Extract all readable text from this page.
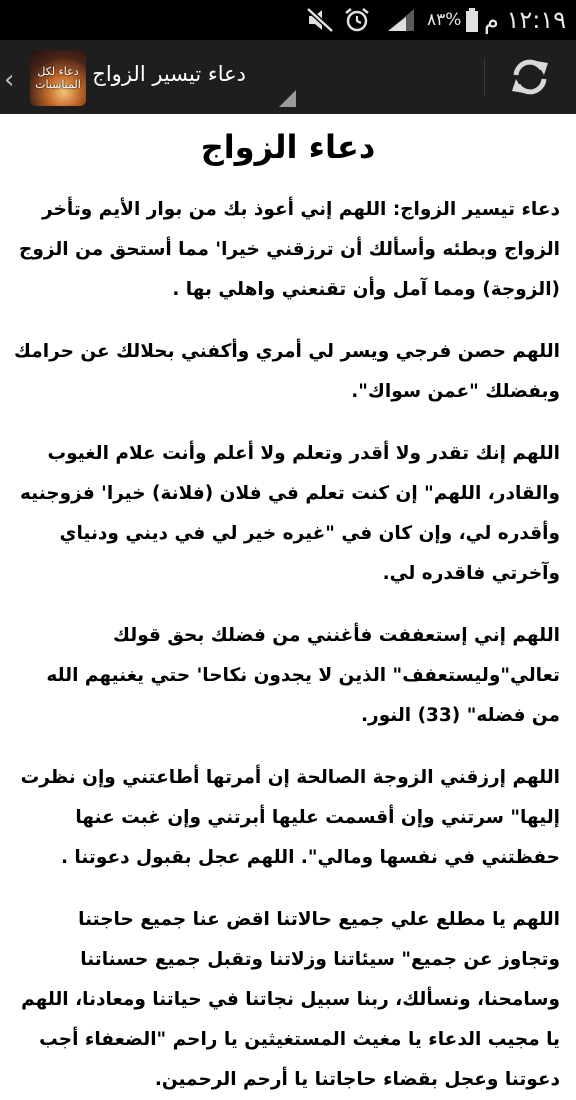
٨٣% ١٢:١٩ م
‹ دعاء لكل
المناسبات دعاء تيسير الزواج
دعاء الزواج

دعاء تيسير الزواج: اللهم إني أعوذ بك من بوار الأيم وتأخر الزواج وبطئه وأسألك أن ترزقني خيرا' مما أستحق من الزوج (الزوجة) ومما آمل وأن تقنعني واهلي بها .

اللهم حصن فرجي ويسر لي أمري وأكفني بحلالك عن حرامك وبفضلك "عمن سواك".

اللهم إنك تقدر ولا أقدر وتعلم ولا أعلم وأنت علام الغيوب والقادر، اللهم" إن كنت تعلم في فلان (فلانة) خيرا' فزوجنيه وأقدره لي، وإن كان في "غيره خير لي في ديني ودنياي وآخرتي فاقدره لي.

اللهم إني إستعففت فأغنني من فضلك بحق قولك تعالي"وليستعفف" الذين لا يجدون نكاحا' حتي يغنيهم الله من فضله" (33) النور.

اللهم إرزقني الزوجة الصالحة إن أمرتها أطاعتني وإن نظرت إليها" سرتني وإن أقسمت عليها أبرتني وإن غبت عنها حفظتني في نفسها ومالي". اللهم عجل بقبول دعوتنا .

اللهم يا مطلع علي جميع حالاتنا اقض عنا جميع حاجتنا وتجاوز عن جميع" سيئاتنا وزلاتنا وتقبل جميع حسناتنا وسامحنا، ونسألك، ربنا سبيل نجاتنا في حياتنا ومعادنا، اللهم يا مجيب الدعاء يا مغيث المستغيثين يا راحم "الضعفاء أجب دعوتنا وعجل بقضاء حاجاتنا يا أرحم الرحمين.
